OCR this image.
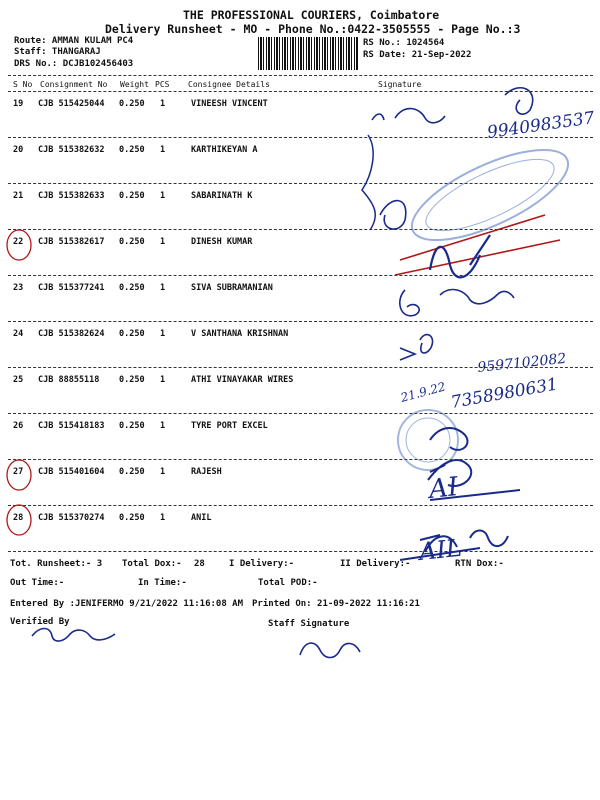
THE PROFESSIONAL COURIERS, Coimbatore
Delivery Runsheet - MO - Phone No.:0422-3505555 - Page No.:3
Route: AMMAN KULAM PC4
Staff: THANGARAJ
DRS No.: DCJB102456403
RS No.: 1024564
RS Date: 21-Sep-2022
S No Consignment No Weight PCS Consignee Details	Signature
19 CJB 515425044 0.250 1	VINEESH VINCENT
20 CJB 515382632 0.250 1	KARTHIKEYAN A
21 CJB 515382633 0.250 1	SABARINATH K
22 CJB 515382617 0.250 1	DINESH KUMAR
23 CJB 515377241 0.250 1	SIVA SUBRAMANIAN
24 CJB 515382624 0.250 1	V SANTHANA KRISHNAN
25 CJB 88855118 0.250 1	ATHI VINAYAKAR WIRES
26 CJB 515418183 0.250 1	TYRE PORT EXCEL
27 CJB 515401604 0.250 1	RAJESH
28 CJB 515370274 0.250 1	ANIL
Tot. Runsheet:- 3 Total Dox:- 28	I Delivery:-	II Delivery:-	RTN Dox:-
Out Time:-	In Time:-	Total POD:-
Entered By :JENIFERMO 9/21/2022 11:16:08 AM Printed On: 21-09-2022 11:16:21
Verified By	Staff Signature
9940983537
9597102082
7358980631
21.9.22
AI
AIL
